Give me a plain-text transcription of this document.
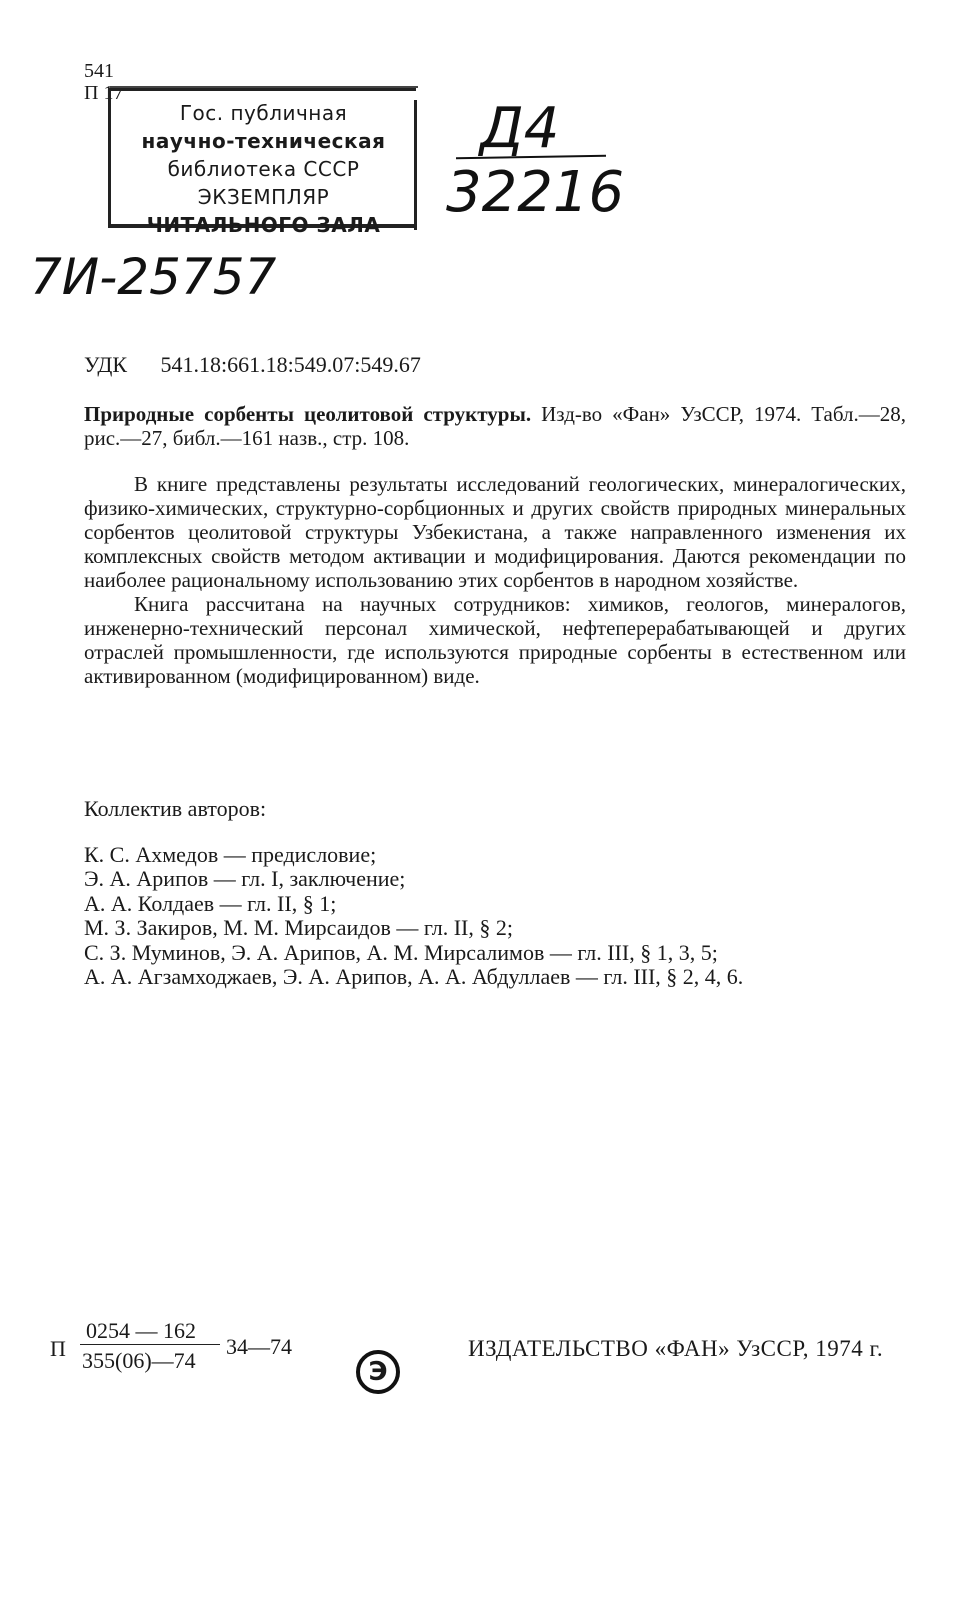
541
П 17
Гос. публичная
научно-техническая
библиотека СССР
ЭКЗЕМПЛЯР
ЧИТАЛЬНОГО ЗАЛА
Д4
32216
7И-25757
УДК 541.18:661.18:549.07:549.67
Природные сорбенты цеолитовой структуры. Изд-во «Фан» УзССР, 1974. Табл.—28, рис.—27, библ.—161 назв., стр. 108.

В книге представлены результаты исследований геологических, минералогических, физико-химических, структурно-сорбционных и других свойств природных минеральных сорбентов цеолитовой структуры Узбекистана, а также направленного изменения их комплексных свойств методом активации и модифицирования. Даются рекомендации по наиболее рациональному использованию этих сорбентов в народном хозяйстве.

Книга рассчитана на научных сотрудников: химиков, геологов, минералогов, инженерно-технический персонал химической, нефтеперерабатывающей и других отраслей промышленности, где используются природные сорбенты в естественном или активированном (модифицированном) виде.

Коллектив авторов:
К. С. Ахмедов — предисловие;
Э. А. Арипов — гл. I, заключение;
А. А. Колдаев — гл. II, § 1;
М. З. Закиров, М. М. Мирсаидов — гл. II, § 2;
С. З. Муминов, Э. А. Арипов, А. М. Мирсалимов — гл. III, § 1, 3, 5;
А. А. Агзамходжаев, Э. А. Арипов, А. А. Абдуллаев — гл. III, § 2, 4, 6.
П
0254 — 162
355(06)—74
34—74
Э
ИЗДАТЕЛЬСТВО «ФАН» УзССР, 1974 г.
